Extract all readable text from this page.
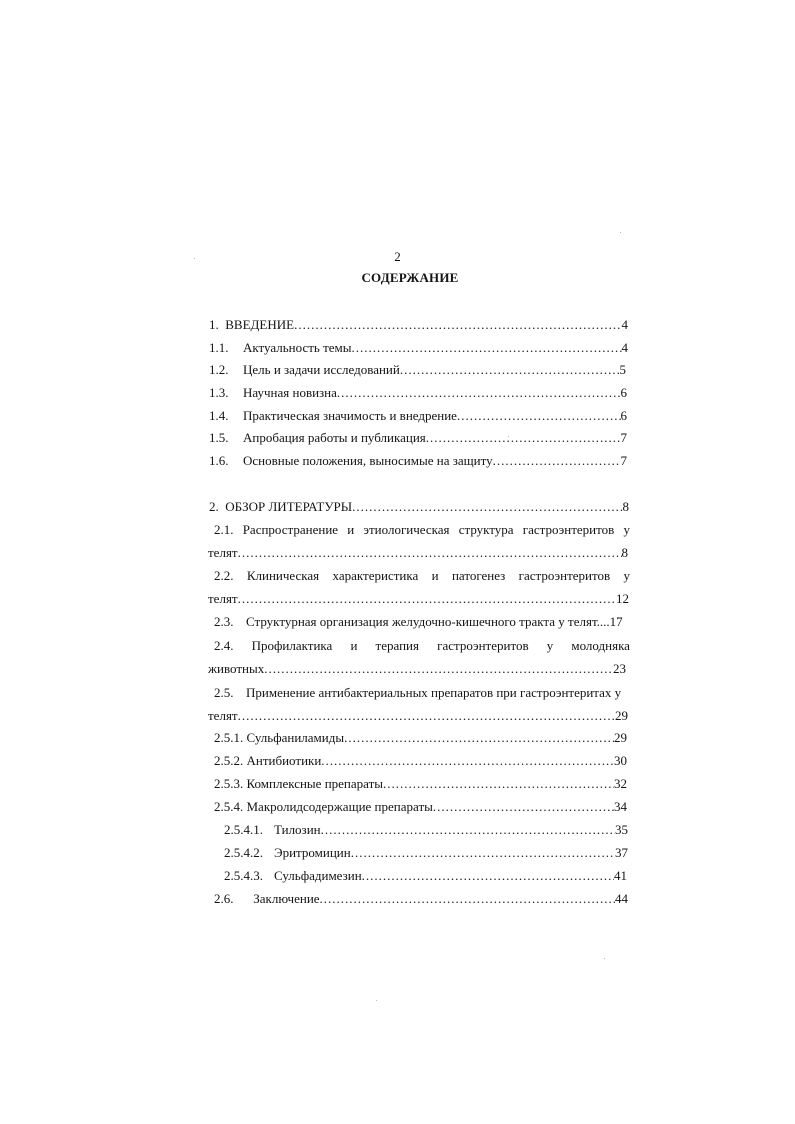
2
СОДЕРЖАНИЕ
1. ВВЕДЕНИЕ .....	4
1.1. Актуальность темы .....	4
1.2. Цель и задачи исследований .....	5
1.3. Научная новизна .....	6
1.4. Практическая значимость и внедрение .....	6
1.5. Апробация работы и публикация .....	7
1.6. Основные положения, выносимые на защиту .....	7
2. ОБЗОР ЛИТЕРАТУРЫ .....	8
2.1. Распространение и этиологическая структура гастроэнтеритов у
телят .....	8
2.2. Клиническая характеристика и патогенез гастроэнтеритов у
телят .....	12
2.3. Структурная организация желудочно-кишечного тракта у телят....17
2.4. Профилактика и терапия гастроэнтеритов у молодняка
животных .....	23
2.5. Применение антибактериальных препаратов при гастроэнтеритах у
телят .....	29
2.5.1. Сульфаниламиды .....	29
2.5.2. Антибиотики .....	30
2.5.3. Комплексные препараты .....	32
2.5.4. Макролидсодержащие препараты .....	34
2.5.4.1. Тилозин .....	35
2.5.4.2. Эритромицин .....	37
2.5.4.3. Сульфадимезин .....	41
2.6. Заключение .....	44
